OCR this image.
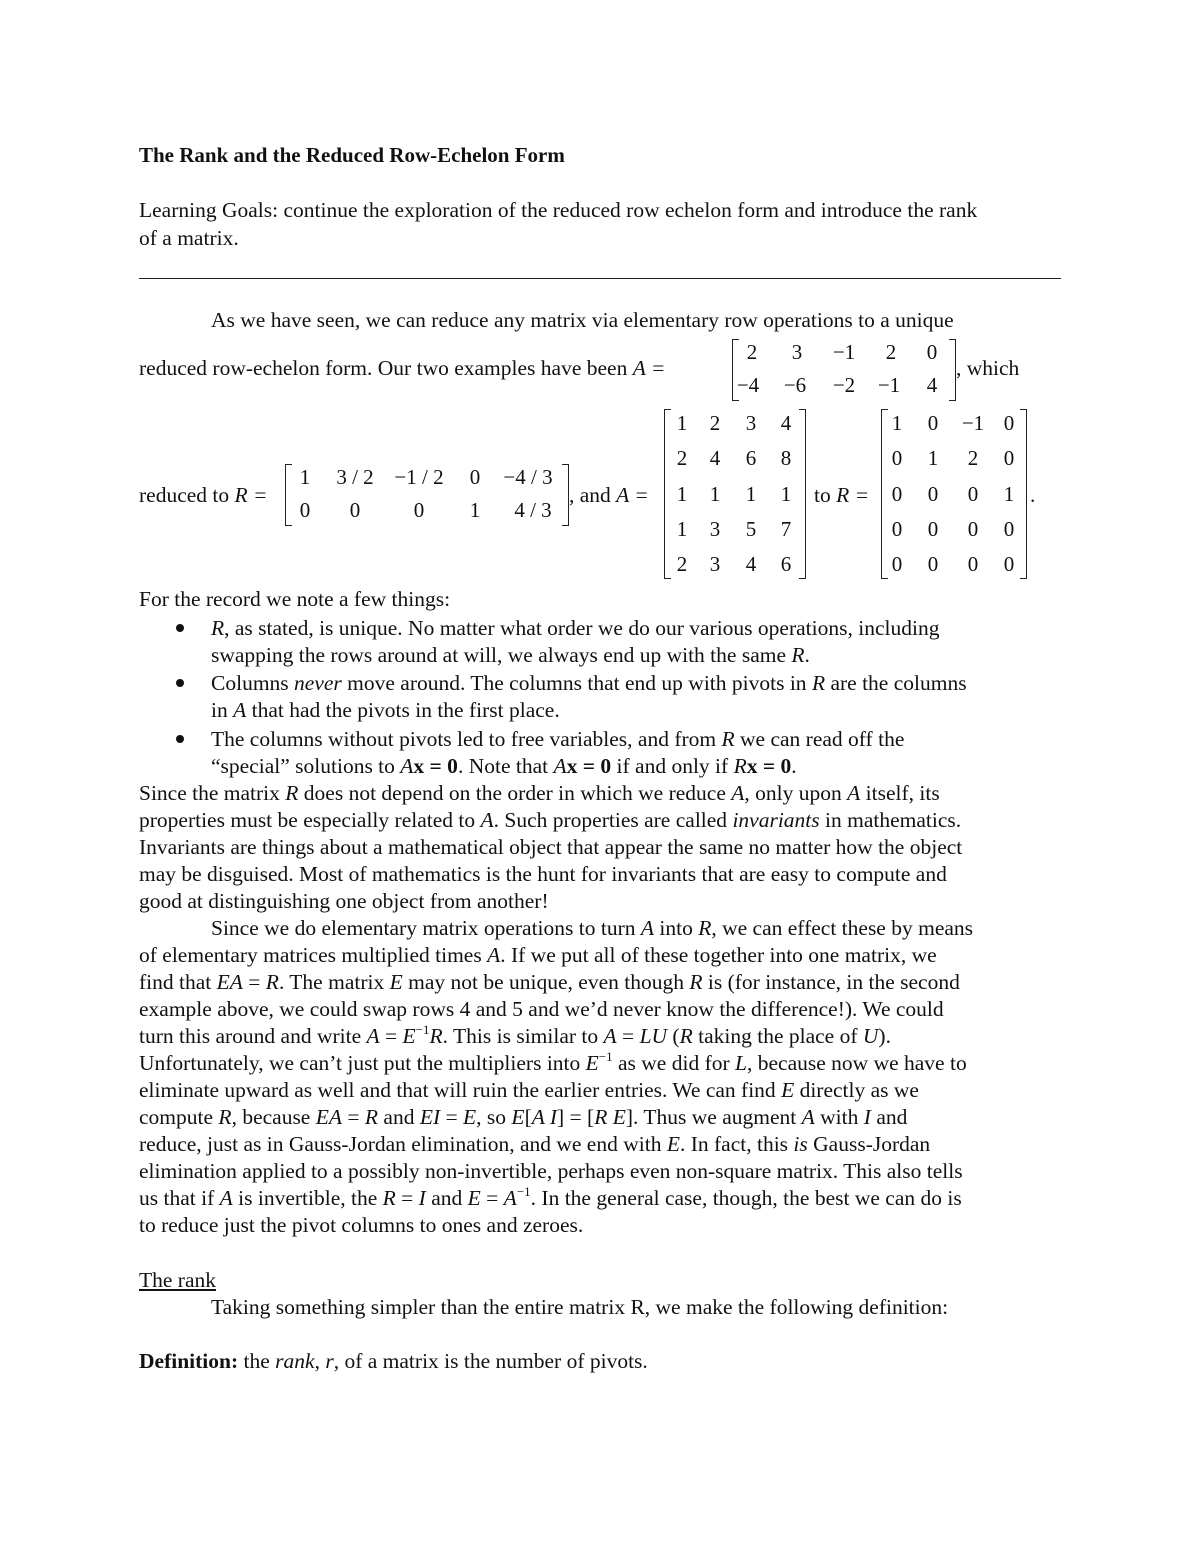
The Rank and the Reduced Row-Echelon Form
Learning Goals: continue the exploration of the reduced row echelon form and introduce the rank
of a matrix.
As we have seen, we can reduce any matrix via elementary row operations to a unique
reduced row-echelon form. Our two examples have been A =
2 3 −1 2 0
−4 −6 −2 −1 4
, which
reduced to R =
1 3 / 2 −1 / 2 0 −4 / 3
0 0	0 1 4 / 3
, and A =
1 2 3 4
2 4 6 8
1 1 1 1
1 3 5 7
2 3 4 6
to R =
1 0 −1 0
0 1 2 0
0 0 0 1
0 0 0 0
0 0 0 0
.
For the record we note a few things:
R, as stated, is unique. No matter what order we do our various operations, including
swapping the rows around at will, we always end up with the same R.
Columns never move around. The columns that end up with pivots in R are the columns
in A that had the pivots in the first place.
The columns without pivots led to free variables, and from R we can read off the
“special” solutions to Ax = 0. Note that Ax = 0 if and only if Rx = 0.
Since the matrix R does not depend on the order in which we reduce A, only upon A itself, its
properties must be especially related to A. Such properties are called invariants in mathematics.
Invariants are things about a mathematical object that appear the same no matter how the object
may be disguised. Most of mathematics is the hunt for invariants that are easy to compute and
good at distinguishing one object from another!
Since we do elementary matrix operations to turn A into R, we can effect these by means
of elementary matrices multiplied times A. If we put all of these together into one matrix, we
find that EA = R. The matrix E may not be unique, even though R is (for instance, in the second
example above, we could swap rows 4 and 5 and we’d never know the difference!). We could
turn this around and write $A = E^{-1}R$. This is similar to A = LU (R taking the place of U).
Unfortunately, we can’t just put the multipliers into $E^{-1}$ as we did for L, because now we have to
eliminate upward as well and that will ruin the earlier entries. We can find E directly as we
compute R, because EA = R and EI = E, so E[A I] = [R E]. Thus we augment A with I and
reduce, just as in Gauss-Jordan elimination, and we end with E. In fact, this is Gauss-Jordan
elimination applied to a possibly non-invertible, perhaps even non-square matrix. This also tells
us that if A is invertible, the R = I and $E = A^{-1}$. In the general case, though, the best we can do is
to reduce just the pivot columns to ones and zeroes.
The rank
Taking something simpler than the entire matrix R, we make the following definition:
Definition: the rank, r, of a matrix is the number of pivots.
